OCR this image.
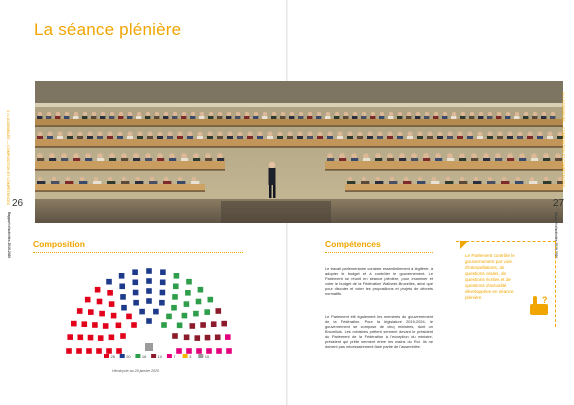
La séance plénière
3 • L'ASSEMBLÉE — COMPOSITION ET COMPÉTENCES	3 • L'ASSEMBLÉE — COMPOSITION ET COMPÉTENCES
26	27
Rapport d'activités 2019-2020	Rapport d'activités 2019-2020
Composition
28	20	16	10	7	3	10
Hémicycle au 29 janvier 2020
Compétences
Le travail parlementaire consiste essentiellement à légiférer, à adopter le budget et à contrôler le gouvernement. Le Parlement se réunit en séance plénière, pour examiner et voter le budget de la Fédération Wallonie-Bruxelles, ainsi que pour discuter et voter les propositions et projets de décrets normatifs.
Le Parlement élit également les membres du gouvernement de la Fédération. Pour la législature 2019-2024, le gouvernement se compose de cinq ministres, dont un Bruxellois. Les ministres prêtent serment devant le président du Parlement de la Fédération à l'exception du ministre-président qui prête serment entre les mains du Roi. Ils ne doivent pas nécessairement faire partie de l'assemblée.
Le Parlement contrôle le gouvernement par voie d'interpellations, de questions orales, de questions écrites et de questions d'actualité développées en séance plénière.	?
